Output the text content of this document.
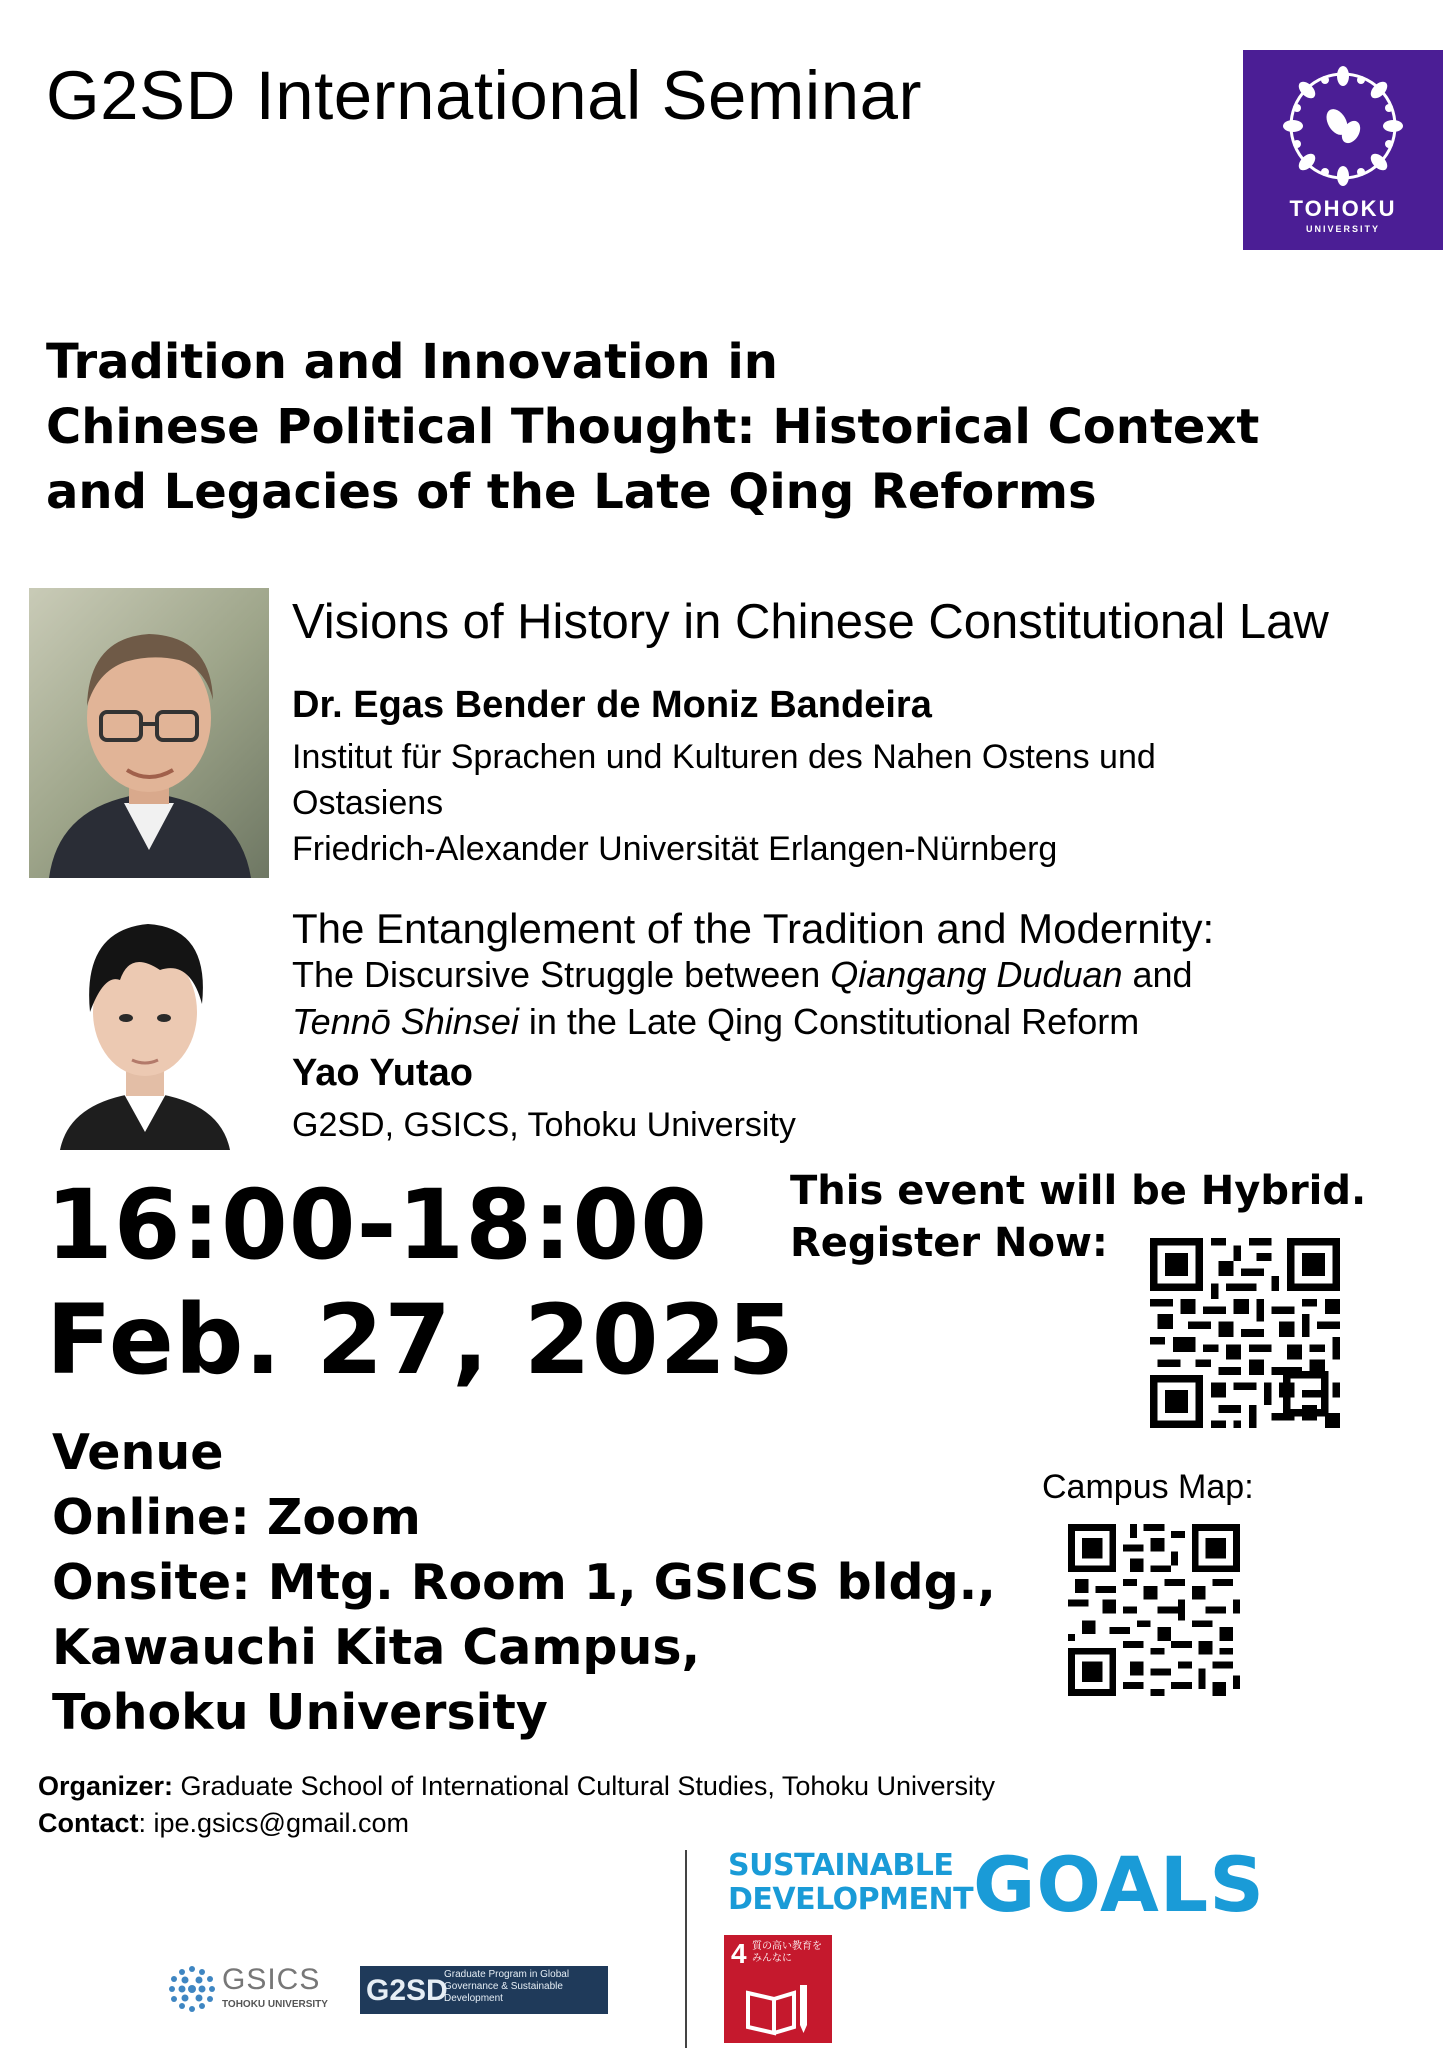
G2SD International Seminar
TOHOKU
UNIVERSITY
Tradition and Innovation in
Chinese Political Thought: Historical Context
and Legacies of the Late Qing Reforms
Visions of History in Chinese Constitutional Law
Dr. Egas Bender de Moniz Bandeira
Institut für Sprachen und Kulturen des Nahen Ostens und
Ostasiens
Friedrich-Alexander Universität Erlangen-Nürnberg
The Entanglement of the Tradition and Modernity:
The Discursive Struggle between Qiangang Duduan and
Tennō Shinsei in the Late Qing Constitutional Reform
Yao Yutao
G2SD, GSICS, Tohoku University
16:00-18:00
Feb. 27, 2025
This event will be Hybrid.
Register Now:
Venue
Online: Zoom
Onsite: Mtg. Room 1, GSICS bldg.,
Kawauchi Kita Campus,
Tohoku University
Campus Map:
Organizer: Graduate School of International Cultural Studies, Tohoku University
Contact: ipe.gsics@gmail.com
SUSTAINABLE
DEVELOPMENT GOALS
4 質の高い教育をみんなに
GSICS
TOHOKU UNIVERSITY G2SD
Graduate Program in Global Governance & Sustainable Development
